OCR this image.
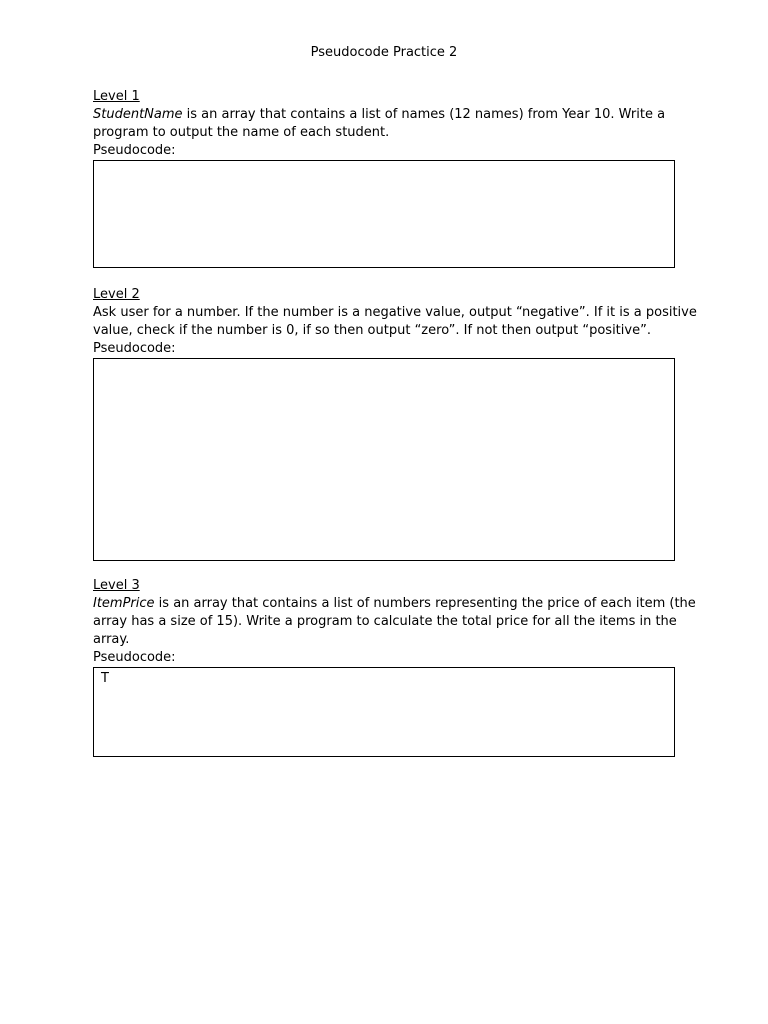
Pseudocode Practice 2
Level 1
StudentName is an array that contains a list of names (12 names) from Year 10. Write a
program to output the name of each student.
Pseudocode:
Level 2
Ask user for a number. If the number is a negative value, output “negative”. If it is a positive
value, check if the number is 0, if so then output “zero”. If not then output “positive”.
Pseudocode:
Level 3
ItemPrice is an array that contains a list of numbers representing the price of each item (the
array has a size of 15). Write a program to calculate the total price for all the items in the
array.
Pseudocode:
T
